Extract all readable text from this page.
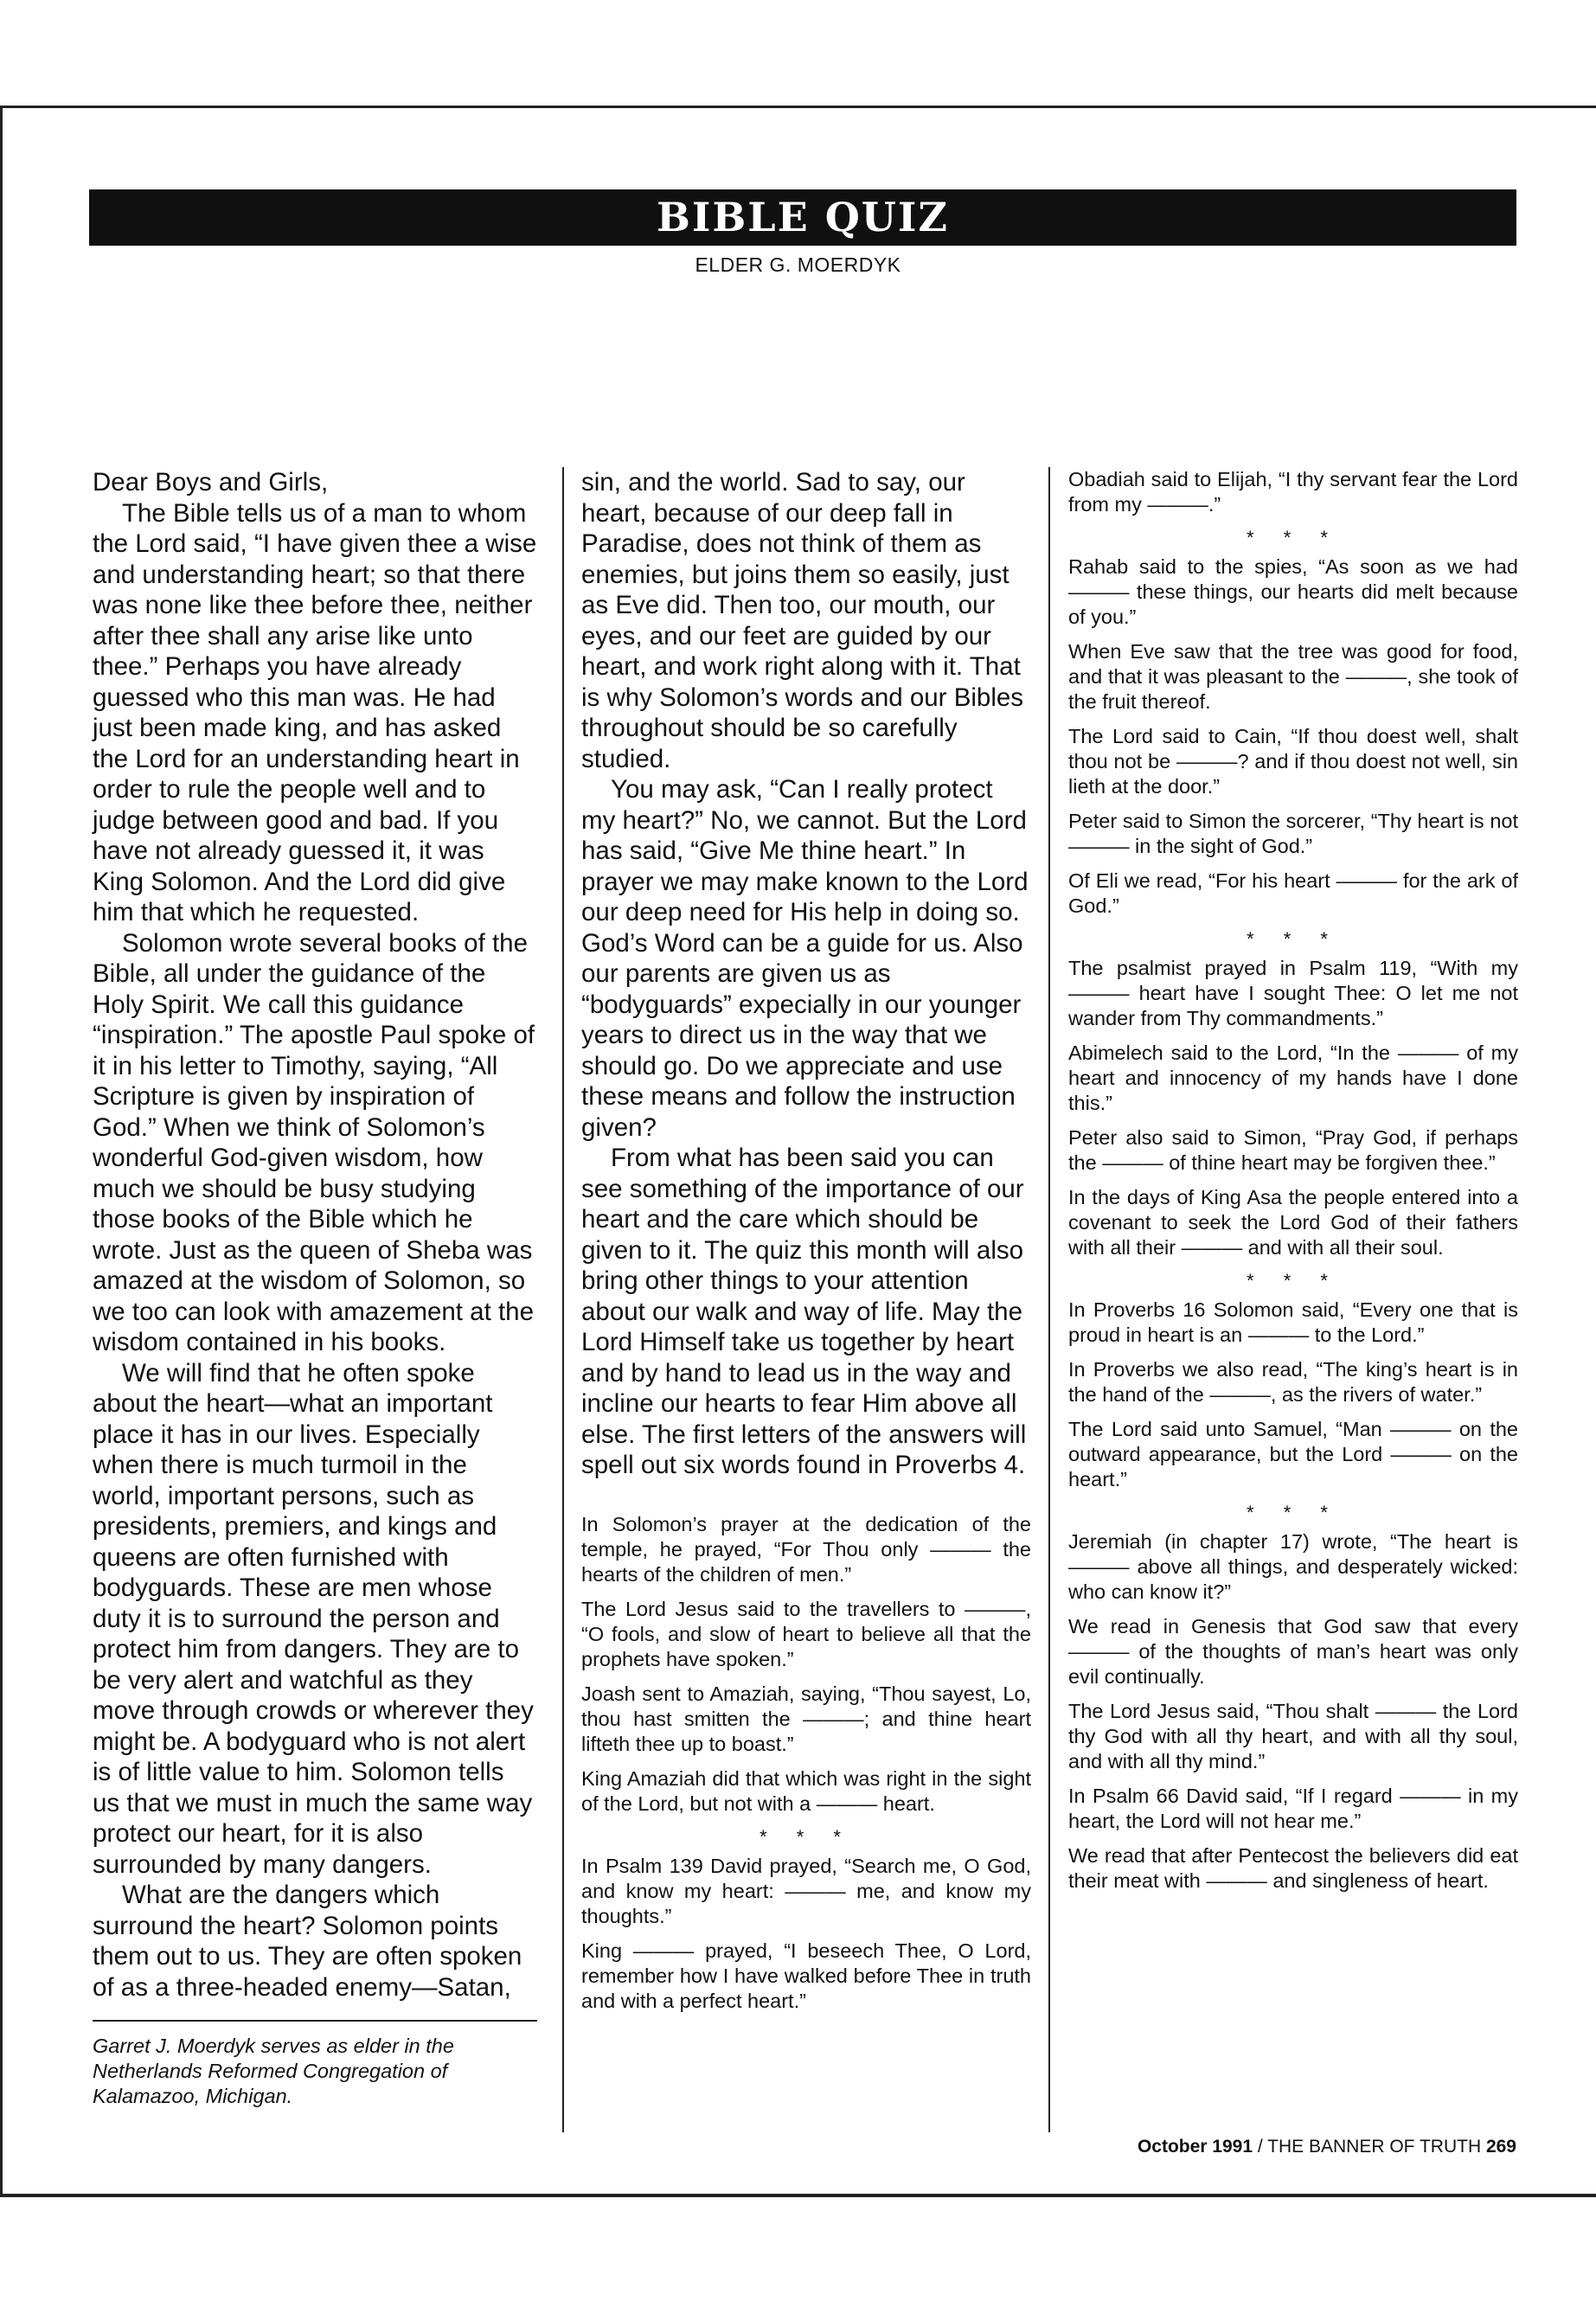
BIBLE QUIZ
ELDER G. MOERDYK

Dear Boys and Girls,

The Bible tells us of a man to whom the Lord said, “I have given thee a wise and understanding heart; so that there was none like thee before thee, neither after thee shall any arise like unto thee.” Perhaps you have already guessed who this man was. He had just been made king, and has asked the Lord for an understanding heart in order to rule the people well and to judge between good and bad. If you have not already guessed it, it was King Solomon. And the Lord did give him that which he requested.

Solomon wrote several books of the Bible, all under the guidance of the Holy Spirit. We call this guidance “inspiration.” The apostle Paul spoke of it in his letter to Timothy, saying, “All Scripture is given by inspiration of God.” When we think of Solomon’s wonderful God-given wisdom, how much we should be busy studying those books of the Bible which he wrote. Just as the queen of Sheba was amazed at the wisdom of Solomon, so we too can look with amazement at the wisdom contained in his books.

We will find that he often spoke about the heart—what an important place it has in our lives. Especially when there is much turmoil in the world, important persons, such as presidents, premiers, and kings and queens are often furnished with bodyguards. These are men whose duty it is to surround the person and protect him from dangers. They are to be very alert and watchful as they move through crowds or wherever they might be. A bodyguard who is not alert is of little value to him. Solomon tells us that we must in much the same way protect our heart, for it is also surrounded by many dangers.

What are the dangers which surround the heart? Solomon points them out to us. They are often spoken of as a three-headed enemy—Satan,

Garret J. Moerdyk serves as elder in the Netherlands Reformed Congregation of Kalamazoo, Michigan.

sin, and the world. Sad to say, our heart, because of our deep fall in Paradise, does not think of them as enemies, but joins them so easily, just as Eve did. Then too, our mouth, our eyes, and our feet are guided by our heart, and work right along with it. That is why Solomon’s words and our Bibles throughout should be so carefully studied.

You may ask, “Can I really protect my heart?” No, we cannot. But the Lord has said, “Give Me thine heart.” In prayer we may make known to the Lord our deep need for His help in doing so. God’s Word can be a guide for us. Also our parents are given us as “bodyguards” expecially in our younger years to direct us in the way that we should go. Do we appreciate and use these means and follow the instruction given?

From what has been said you can see something of the importance of our heart and the care which should be given to it. The quiz this month will also bring other things to your attention about our walk and way of life. May the Lord Himself take us together by heart and by hand to lead us in the way and incline our hearts to fear Him above all else. The first letters of the answers will spell out six words found in Proverbs 4.

In Solomon’s prayer at the dedication of the temple, he prayed, “For Thou only ——— the hearts of the children of men.”

The Lord Jesus said to the travellers to ———, “O fools, and slow of heart to believe all that the prophets have spoken.”

Joash sent to Amaziah, saying, “Thou sayest, Lo, thou hast smitten the ———; and thine heart lifteth thee up to boast.”

King Amaziah did that which was right in the sight of the Lord, but not with a ——— heart.

* * *

In Psalm 139 David prayed, “Search me, O God, and know my heart: ——— me, and know my thoughts.”

King ——— prayed, “I beseech Thee, O Lord, remember how I have walked before Thee in truth and with a perfect heart.”

Obadiah said to Elijah, “I thy servant fear the Lord from my ———.”

* * *

Rahab said to the spies, “As soon as we had ——— these things, our hearts did melt because of you.”

When Eve saw that the tree was good for food, and that it was pleasant to the ———, she took of the fruit thereof.

The Lord said to Cain, “If thou doest well, shalt thou not be ———? and if thou doest not well, sin lieth at the door.”

Peter said to Simon the sorcerer, “Thy heart is not ——— in the sight of God.”

Of Eli we read, “For his heart ——— for the ark of God.”

* * *

The psalmist prayed in Psalm 119, “With my ——— heart have I sought Thee: O let me not wander from Thy commandments.”

Abimelech said to the Lord, “In the ——— of my heart and innocency of my hands have I done this.”

Peter also said to Simon, “Pray God, if perhaps the ——— of thine heart may be forgiven thee.”

In the days of King Asa the people entered into a covenant to seek the Lord God of their fathers with all their ——— and with all their soul.

* * *

In Proverbs 16 Solomon said, “Every one that is proud in heart is an ——— to the Lord.”

In Proverbs we also read, “The king’s heart is in the hand of the ———, as the rivers of water.”

The Lord said unto Samuel, “Man ——— on the outward appearance, but the Lord ——— on the heart.”

* * *

Jeremiah (in chapter 17) wrote, “The heart is ——— above all things, and desperately wicked: who can know it?”

We read in Genesis that God saw that every ——— of the thoughts of man’s heart was only evil continually.

The Lord Jesus said, “Thou shalt ——— the Lord thy God with all thy heart, and with all thy soul, and with all thy mind.”

In Psalm 66 David said, “If I regard ——— in my heart, the Lord will not hear me.”

We read that after Pentecost the believers did eat their meat with ——— and singleness of heart.

October 1991 / THE BANNER OF TRUTH 269
